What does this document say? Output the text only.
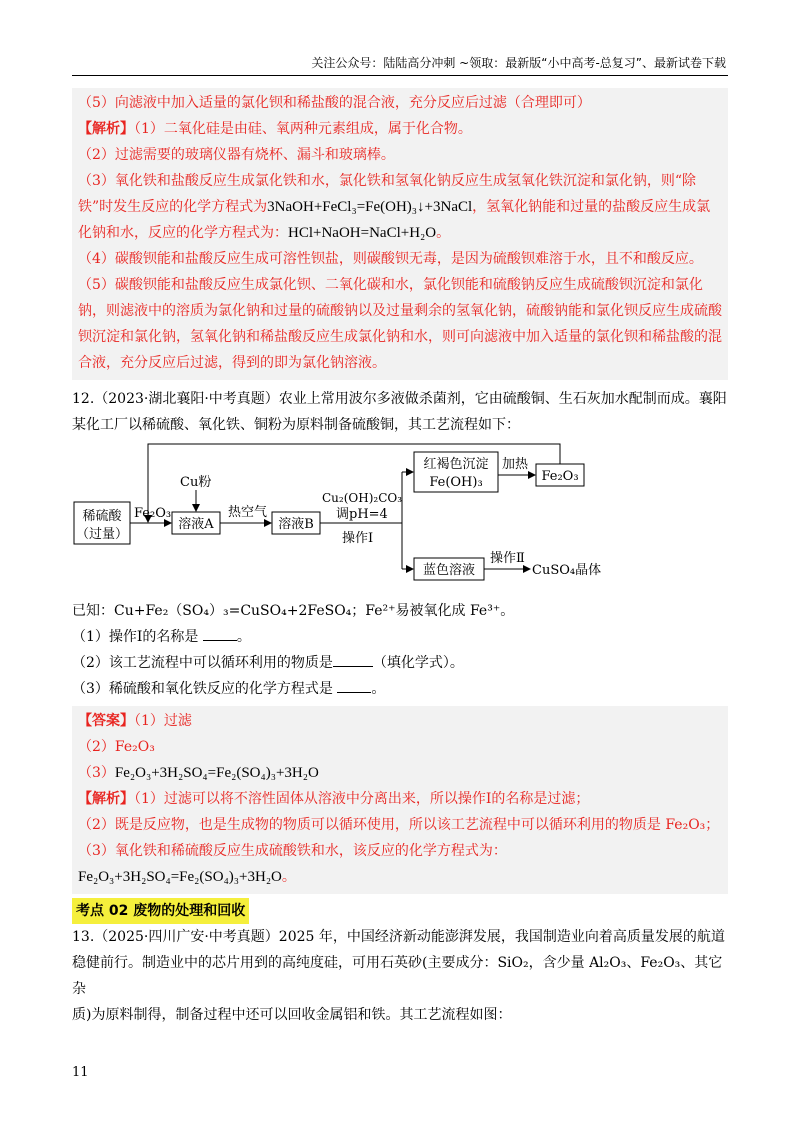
关注公众号：陆陆高分冲刺 ~领取：最新版“小中高考-总复习”、最新试卷下载

（5）向滤液中加入适量的氯化钡和稀盐酸的混合液，充分反应后过滤（合理即可）

【解析】（1）二氧化硅是由硅、氧两种元素组成，属于化合物。

（2）过滤需要的玻璃仪器有烧杯、漏斗和玻璃棒。

（3）氧化铁和盐酸反应生成氯化铁和水，氯化铁和氢氧化钠反应生成氢氧化铁沉淀和氯化钠，则“除

铁”时发生反应的化学方程式为3NaOH+FeCl₃=Fe(OH)₃↓+3NaCl，氢氧化钠能和过量的盐酸反应生成氯

化钠和水，反应的化学方程式为：HCl+NaOH=NaCl+H₂O。

（4）碳酸钡能和盐酸反应生成可溶性钡盐，则碳酸钡无毒，是因为硫酸钡难溶于水，且不和酸反应。

（5）碳酸钡能和盐酸反应生成氯化钡、二氧化碳和水，氯化钡能和硫酸钠反应生成硫酸钡沉淀和氯化

钠，则滤液中的溶质为氯化钠和过量的硫酸钠以及过量剩余的氢氧化钠，硫酸钠能和氯化钡反应生成硫酸

钡沉淀和氯化钠，氢氧化钠和稀盐酸反应生成氯化钠和水，则可向滤液中加入适量的氯化钡和稀盐酸的混

合液，充分反应后过滤，得到的即为氯化钠溶液。

12.（2023·湖北襄阳·中考真题）农业上常用波尔多液做杀菌剂，它由硫酸铜、生石灰加水配制而成。襄阳

某化工厂以稀硫酸、氧化铁、铜粉为原料制备硫酸铜，其工艺流程如下：

稀硫酸
（过量）
Fe₂O₃
Cu粉
溶液A
热空气
溶液B
Cu₂(OH)₂CO₃
调pH=4
操作Ⅰ
红褐色沉淀
Fe(OH)₃
加热
Fe₂O₃
蓝色溶液
操作Ⅱ
CuSO₄晶体

已知：Cu+Fe₂（SO₄）₃=CuSO₄+2FeSO₄；Fe²⁺易被氧化成 Fe³⁺。

（1）操作Ⅰ的名称是	。

（2）该工艺流程中可以循环利用的物质是	（填化学式）。

（3）稀硫酸和氧化铁反应的化学方程式是	。

【答案】（1）过滤

（2）Fe₂O₃

（3）Fe₂O₃+3H₂SO₄=Fe₂(SO₄)₃+3H₂O

【解析】（1）过滤可以将不溶性固体从溶液中分离出来，所以操作Ⅰ的名称是过滤；

（2）既是反应物，也是生成物的物质可以循环使用，所以该工艺流程中可以循环利用的物质是 Fe₂O₃；

（3）氧化铁和稀硫酸反应生成硫酸铁和水，该反应的化学方程式为：Fe₂O₃+3H₂SO₄=Fe₂(SO₄)₃+3H₂O。

考点 02 废物的处理和回收

13.（2025·四川广安·中考真题）2025 年，中国经济新动能澎湃发展，我国制造业向着高质量发展的航道

稳健前行。制造业中的芯片用到的高纯度硅，可用石英砂(主要成分：SiO₂，含少量 Al₂O₃、Fe₂O₃、其它杂

质)为原料制得，制备过程中还可以回收金属铝和铁。其工艺流程如图：

11
